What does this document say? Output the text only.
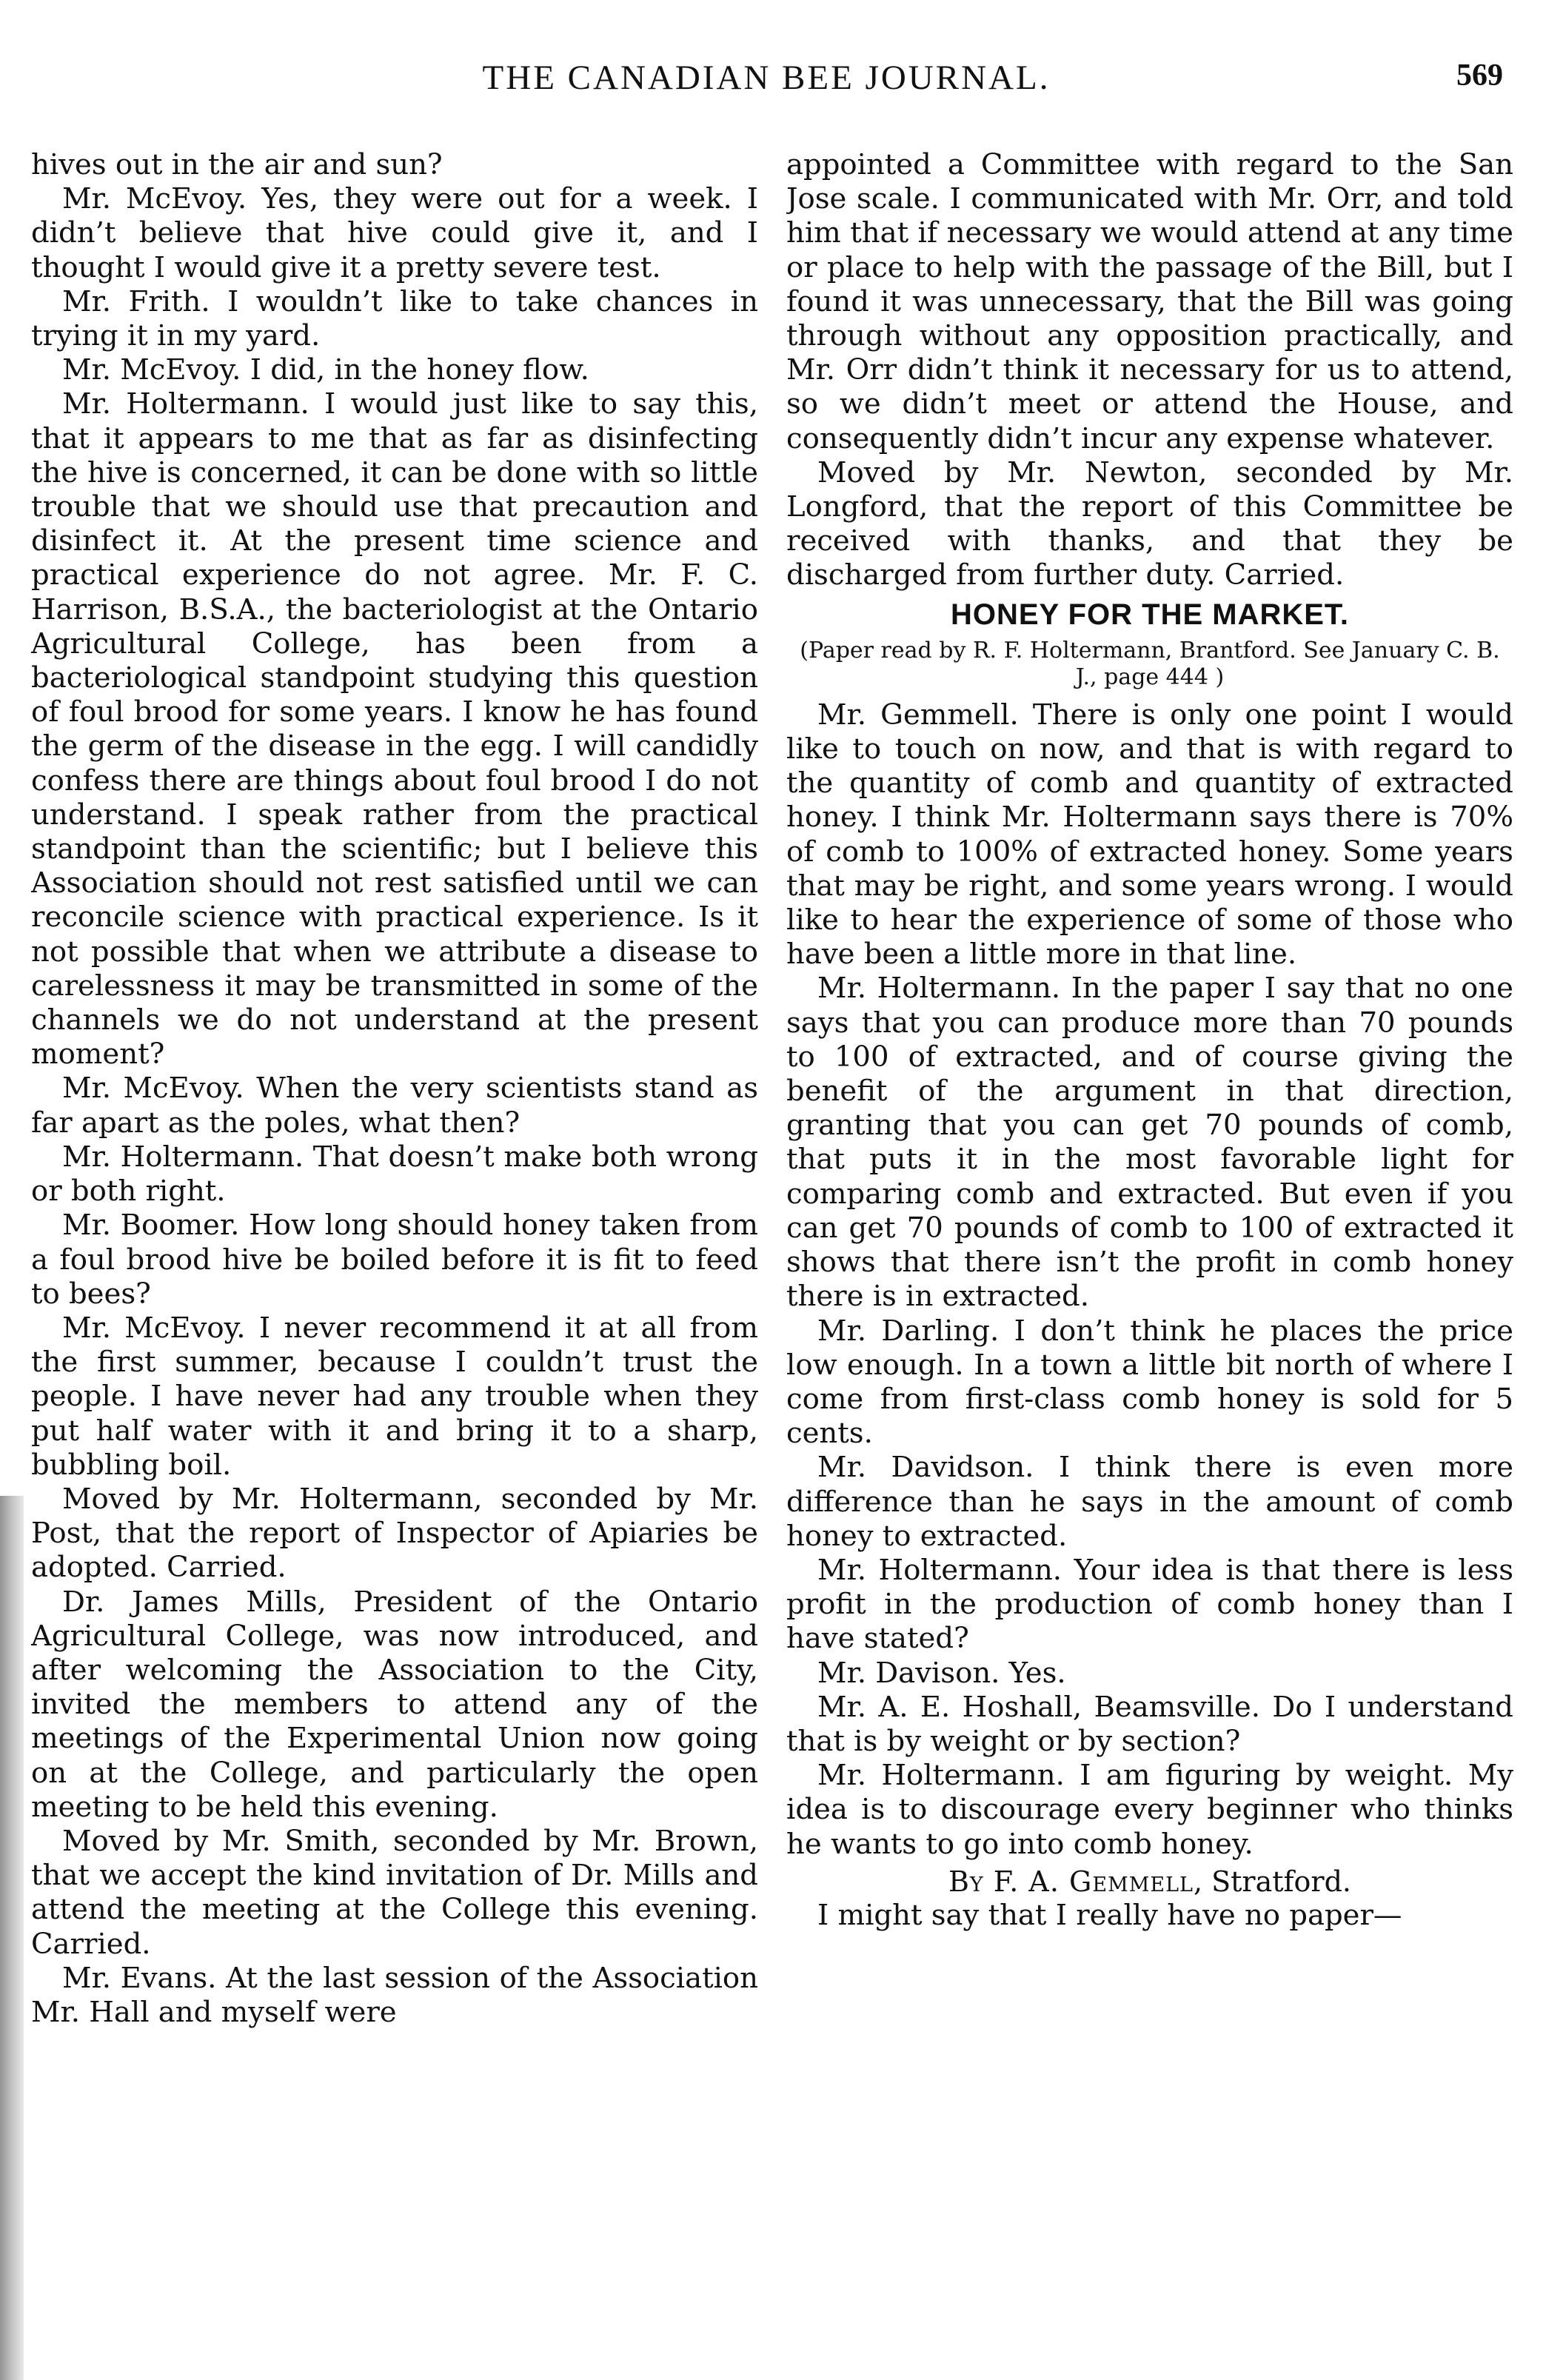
THE CANADIAN BEE JOURNAL.	569

hives out in the air and sun?

Mr. McEvoy. Yes, they were out for a week. I didn’t believe that hive could give it, and I thought I would give it a pretty severe test.

Mr. Frith. I wouldn’t like to take chances in trying it in my yard.

Mr. McEvoy. I did, in the honey flow.

Mr. Holtermann. I would just like to say this, that it appears to me that as far as disinfecting the hive is concerned, it can be done with so little trouble that we should use that precaution and disinfect it. At the present time science and practical experience do not agree. Mr. F. C. Harrison, B.S.A., the bacteriologist at the Ontario Agricultural College, has been from a bacteriological standpoint studying this question of foul brood for some years. I know he has found the germ of the disease in the egg. I will candidly confess there are things about foul brood I do not understand. I speak rather from the practical standpoint than the scientific; but I believe this Association should not rest satisfied until we can reconcile science with practical experience. Is it not possible that when we attribute a disease to carelessness it may be transmitted in some of the channels we do not understand at the present moment?

Mr. McEvoy. When the very scientists stand as far apart as the poles, what then?

Mr. Holtermann. That doesn’t make both wrong or both right.

Mr. Boomer. How long should honey taken from a foul brood hive be boiled before it is fit to feed to bees?

Mr. McEvoy. I never recommend it at all from the first summer, because I couldn’t trust the people. I have never had any trouble when they put half water with it and bring it to a sharp, bubbling boil.

Moved by Mr. Holtermann, seconded by Mr. Post, that the report of Inspector of Apiaries be adopted. Carried.

Dr. James Mills, President of the Ontario Agricultural College, was now introduced, and after welcoming the Association to the City, invited the members to attend any of the meetings of the Experimental Union now going on at the College, and particularly the open meeting to be held this evening.

Moved by Mr. Smith, seconded by Mr. Brown, that we accept the kind invitation of Dr. Mills and attend the meeting at the College this evening. Carried.

Mr. Evans. At the last session of the Association Mr. Hall and myself were

appointed a Committee with regard to the San Jose scale. I communicated with Mr. Orr, and told him that if necessary we would attend at any time or place to help with the passage of the Bill, but I found it was unnecessary, that the Bill was going through without any opposition practically, and Mr. Orr didn’t think it necessary for us to attend, so we didn’t meet or attend the House, and consequently didn’t incur any expense whatever.

Moved by Mr. Newton, seconded by Mr. Longford, that the report of this Committee be received with thanks, and that they be discharged from further duty. Carried.

HONEY FOR THE MARKET.
(Paper read by R. F. Holtermann, Brantford. See January C. B. J., page 444 )

Mr. Gemmell. There is only one point I would like to touch on now, and that is with regard to the quantity of comb and quantity of extracted honey. I think Mr. Holtermann says there is 70% of comb to 100% of extracted honey. Some years that may be right, and some years wrong. I would like to hear the experience of some of those who have been a little more in that line.

Mr. Holtermann. In the paper I say that no one says that you can produce more than 70 pounds to 100 of extracted, and of course giving the benefit of the argument in that direction, granting that you can get 70 pounds of comb, that puts it in the most favorable light for comparing comb and extracted. But even if you can get 70 pounds of comb to 100 of extracted it shows that there isn’t the profit in comb honey there is in extracted.

Mr. Darling. I don’t think he places the price low enough. In a town a little bit north of where I come from first-class comb honey is sold for 5 cents.

Mr. Davidson. I think there is even more difference than he says in the amount of comb honey to extracted.

Mr. Holtermann. Your idea is that there is less profit in the production of comb honey than I have stated?

Mr. Davison. Yes.

Mr. A. E. Hoshall, Beamsville. Do I understand that is by weight or by section?

Mr. Holtermann. I am figuring by weight. My idea is to discourage every beginner who thinks he wants to go into comb honey.

By F. A. Gemmell, Stratford.

I might say that I really have no paper—
